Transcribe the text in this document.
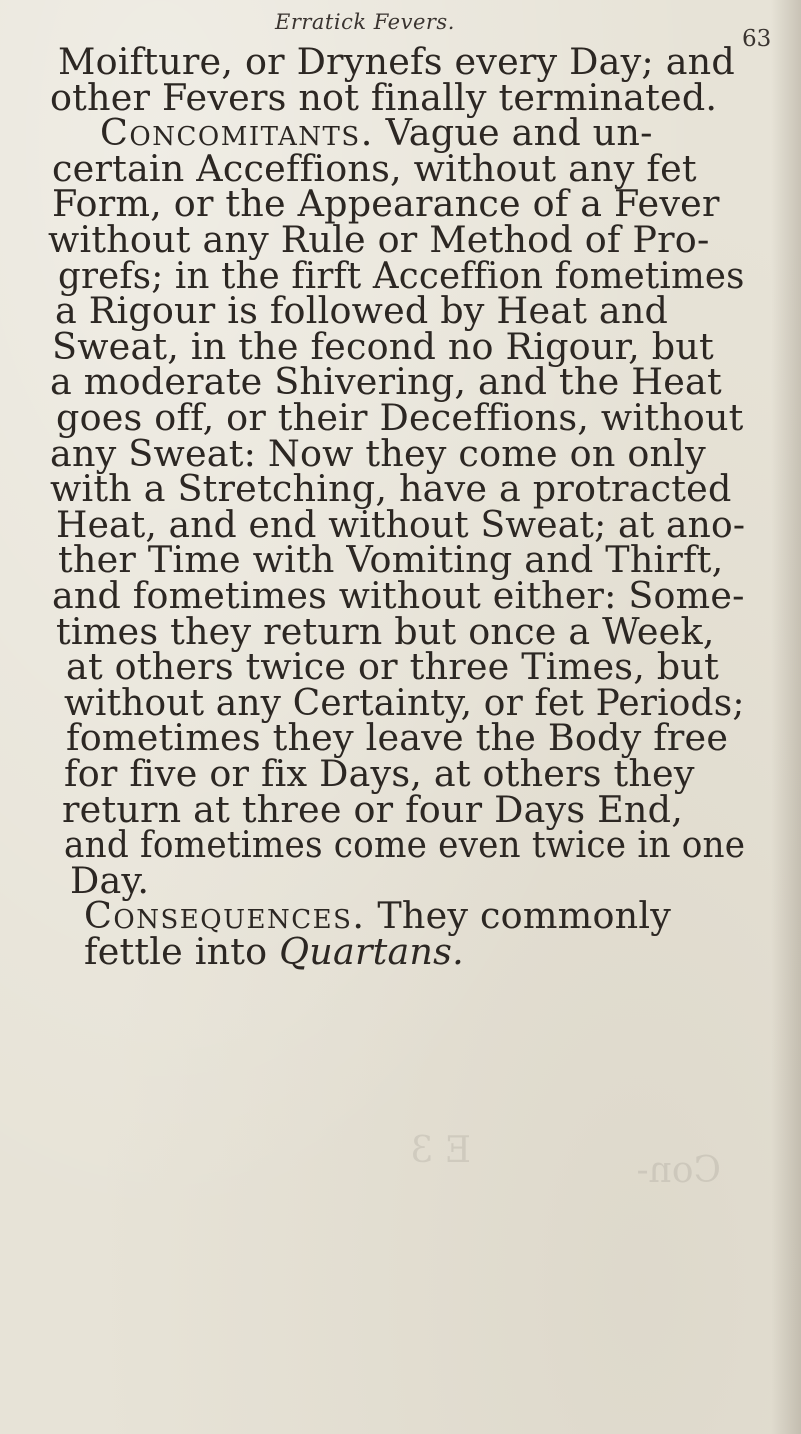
Erratick Fevers.
63
Moifture, or Drynefs every Day; and
other Fevers not finally terminated.
Concomitants. Vague and un-
certain Acceffions, without any fet
Form, or the Appearance of a Fever
without any Rule or Method of Pro-
grefs; in the firft Acceffion fometimes
a Rigour is followed by Heat and
Sweat, in the fecond no Rigour, but
a moderate Shivering, and the Heat
goes off, or their Deceffions, without
any Sweat: Now they come on only
with a Stretching, have a protracted
Heat, and end without Sweat; at ano-
ther Time with Vomiting and Thirft,
and fometimes without either: Some-
times they return but once a Week,
at others twice or three Times, but
without any Certainty, or fet Periods;
fometimes they leave the Body free
for five or fix Days, at others they
return at three or four Days End,
and fometimes come even twice in one
Day.
Consequences. They commonly
fettle into Quartans.
E 3	Con-
